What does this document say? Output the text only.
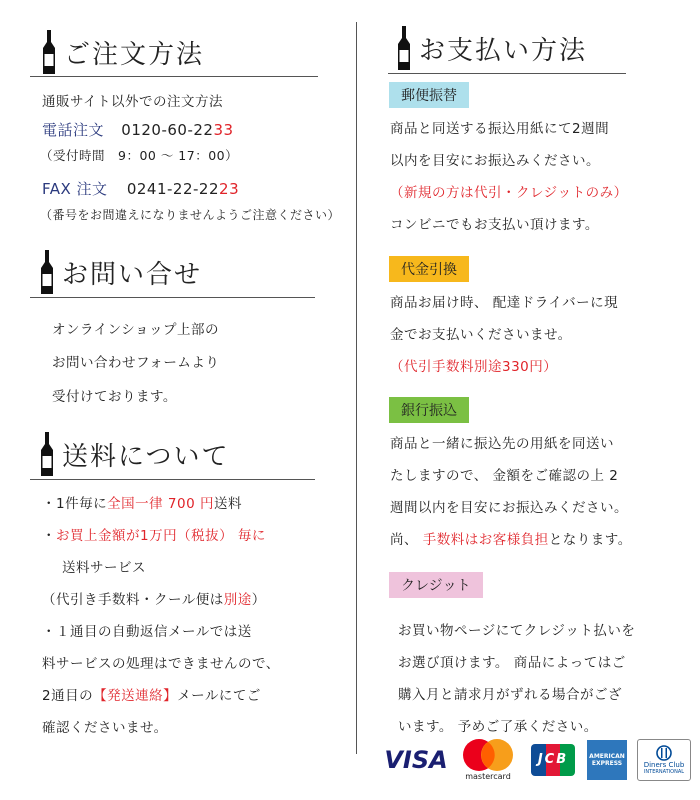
ご注文方法
通販サイト以外での注文方法
電話注文 0120-60-2233
（受付時間　9：00 ～ 17：00）
FAX 注文 0241-22-2223
（番号をお間違えになりませんようご注意ください）
お問い合せ
オンラインショップ上部の
お問い合わせフォームより
受付けております。
送料について
・1件毎に全国一律 700 円送料
・お買上金額が1万円（税抜） 毎に
送料サービス
（代引き手数料・クール便は別途）
・１通目の自動返信メールでは送
料サービスの処理はできませんので、
2通目の【発送連絡】メールにてご
確認くださいませ。
お支払い方法
郵便振替
商品と同送する振込用紙にて2週間
以内を目安にお振込みください。
（新規の方は代引・クレジットのみ）
コンビニでもお支払い頂けます。
代金引換
商品お届け時、 配達ドライバーに現
金でお支払いくださいませ。
（代引手数料別途330円）
銀行振込
商品と一緒に振込先の用紙を同送い
たしますので、 金額をご確認の上 2
週間以内を目安にお振込みください。
尚、 手数料はお客様負担となります。
クレジット
お買い物ページにてクレジット払いを
お選び頂けます。 商品によってはご
購入月と請求月がずれる場合がござ
います。 予めご了承ください。
VISA
mastercard
JCB	AMERICAN
EXPRESS	Diners Club
INTERNATIONAL
